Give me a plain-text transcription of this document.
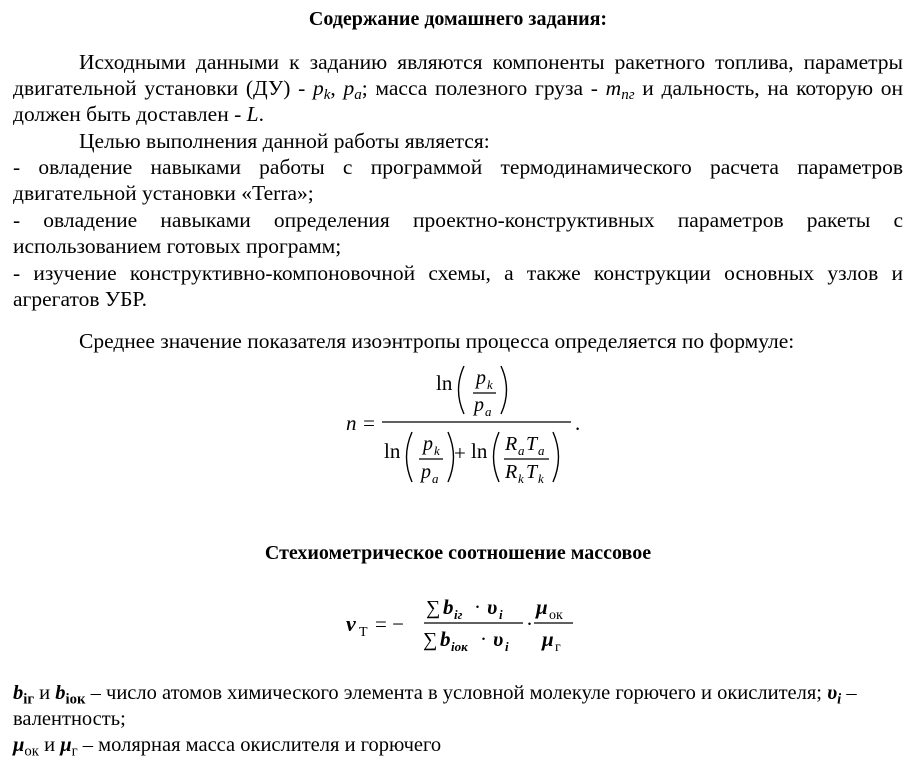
Содержание домашнего задания:

Исходными данными к заданию являются компоненты ракетного топлива, параметры двигательной установки $(ДУ) - p_k$, $p_a$; масса полезного груза - $m_{пг}$ и дальность, на которую он должен быть доставлен - L.

Целью выполнения данной работы является:

- овладение навыками работы с программой термодинамического расчета параметров двигательной установки «Terra»;

- овладение навыками определения проектно-конструктивных параметров ракеты с использованием готовых программ;

- изучение конструктивно-компоновочной схемы, а также конструкции основных узлов и агрегатов УБР.

Среднее значение показателя изоэнтропы процесса определяется по формуле:

n =
ln p k
p a
ln p k
p a
+ ln R a T a
R k T k
.
Стехиометрическое соотношение массовое
ν Т = −
∑ b iг · υ i
∑ b iок · υ i
·
μ ок
μ г
$b_{iг}$ и $b_{iок}$ – число атомов химического элемента в условной молекуле горючего и окислителя; $\upsilon_i$ – валентность;
$\mu_{ок}$ и $\mu_г$ – молярная масса окислителя и горючего
